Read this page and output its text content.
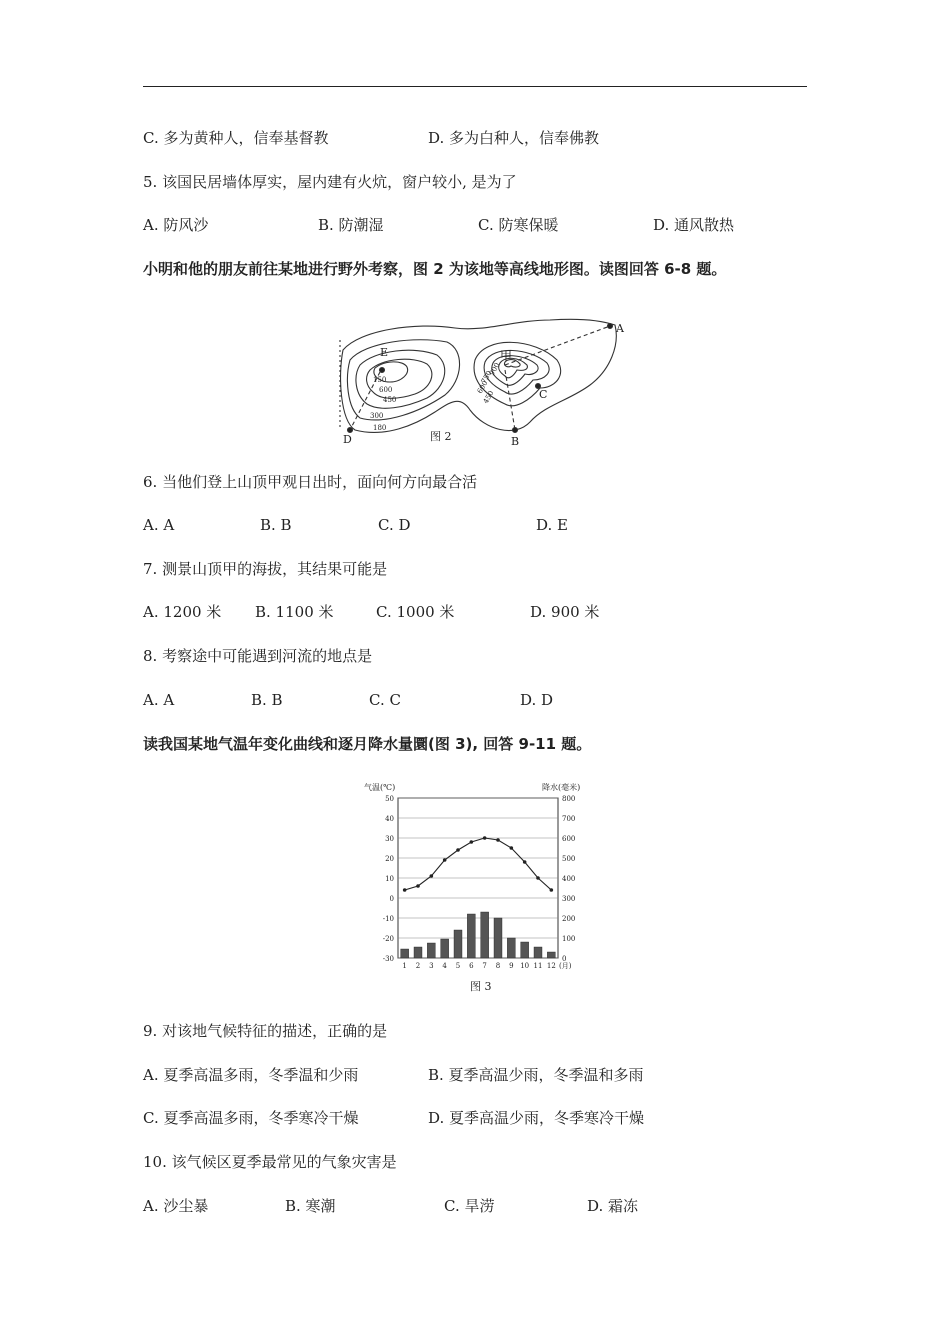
C. 多为黄种人，信奉基督教	D. 多为白种人，信奉佛教
5. 该国民居墙体厚实，屋内建有火炕，窗户较小, 是为了
A. 防风沙	B. 防潮湿	C. 防寒保暖	D. 通风散热
小明和他的朋友前往某地进行野外考察，图 2 为该地等高线地形图。读图回答 6-8 题。
A
B
C
D
E	甲
150
600
450
300
180
900
750
600
450
图 2
6. 当他们登上山顶甲观日出时，面向何方向最合活
A. A	B. B	C. D	D. E
7. 测景山顶甲的海拔，其结果可能是
A. 1200 米 B. 1100 米	C. 1000 米	D. 900 米
8. 考察途中可能遇到河流的地点是
A. A	B. B	C. C	D. D
读我国某地气温年变化曲线和逐月降水量圜(图 3), 回答 9-11 题。
气温(℃)	降水(毫米)
50	800
40	700
30	600
20	500
10	400
0	300
-10	200
-20	100
-30	0
1 2 3 4 5 6 7 8 9 10 11 12 (月)
图 3
9. 对该地气候特征的描述，正确的是
A. 夏季高温多雨，冬季温和少雨	B. 夏季高温少雨，冬季温和多雨
C. 夏季高温多雨，冬季寒冷干燥	D. 夏季高温少雨，冬季寒冷干燥
10. 该气候区夏季最常见的气象灾害是
A. 沙尘暴	B. 寒潮	C. 旱涝	D. 霜冻
